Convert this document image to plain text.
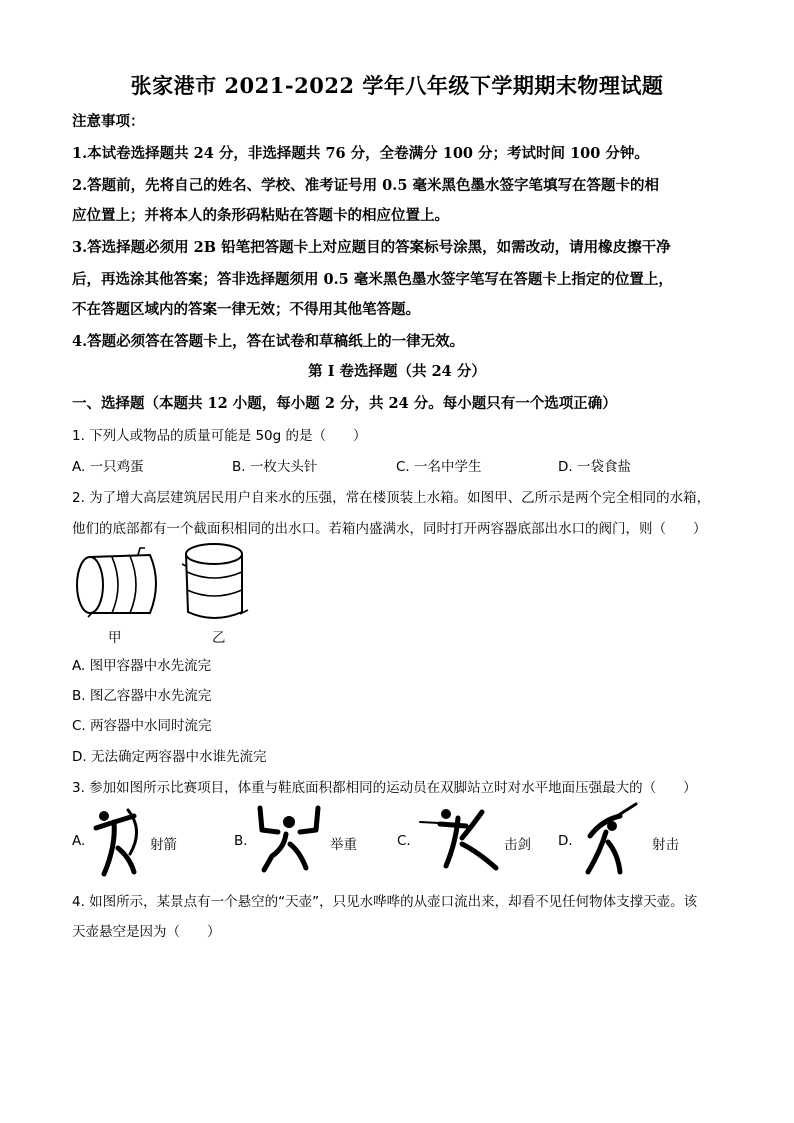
张家港市 2021-2022 学年八年级下学期期末物理试题
注意事项：
1.本试卷选择题共 24 分，非选择题共 76 分，全卷满分 100 分；考试时间 100 分钟。
2.答题前，先将自己的姓名、学校、准考证号用 0.5 毫米黑色墨水签字笔填写在答题卡的相
应位置上；并将本人的条形码粘贴在答题卡的相应位置上。
3.答选择题必须用 2B 铅笔把答题卡上对应题目的答案标号涂黑，如需改动，请用橡皮擦干净
后，再选涂其他答案；答非选择题须用 0.5 毫米黑色墨水签字笔写在答题卡上指定的位置上，
不在答题区域内的答案一律无效；不得用其他笔答题。
4.答题必须答在答题卡上，答在试卷和草稿纸上的一律无效。
第 I 卷选择题（共 24 分）
一、选择题（本题共 12 小题，每小题 2 分，共 24 分。每小题只有一个选项正确）
1. 下列人或物品的质量可能是 50g 的是（　　）
A. 一只鸡蛋	B. 一枚大头针	C. 一名中学生	D. 一袋食盐
2. 为了增大高层建筑居民用户自来水的压强，常在楼顶装上水箱。如图甲、乙所示是两个完全相同的水箱，
他们的底部都有一个截面积相同的出水口。若箱内盛满水，同时打开两容器底部出水口的阀门，则（　　）
甲	乙
A. 图甲容器中水先流完
B. 图乙容器中水先流完
C. 两容器中水同时流完
D. 无法确定两容器中水谁先流完
3. 参加如图所示比赛项目，体重与鞋底面积都相同的运动员在双脚站立时对水平地面压强最大的（　　）
A.	射箭	B.	举重	C.	击剑 D.	射击
4. 如图所示，某景点有一个悬空的“天壶”，只见水哗哗的从壶口流出来，却看不见任何物体支撑天壶。该
天壶悬空是因为（　　）
